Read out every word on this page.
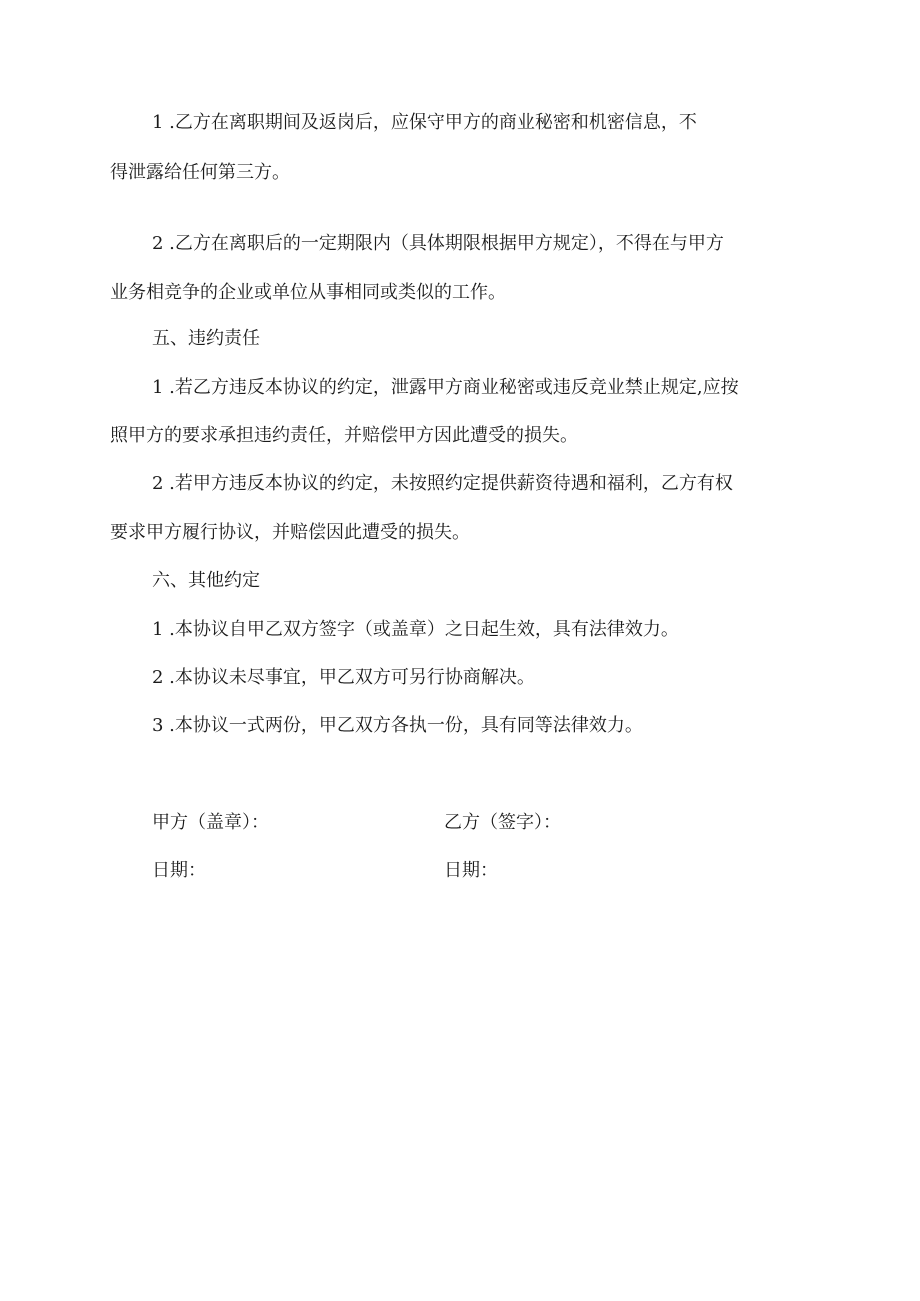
1 .乙方在离职期间及返岗后，应保守甲方的商业秘密和机密信息，不
得泄露给任何第三方。
2 .乙方在离职后的一定期限内（具体期限根据甲方规定），不得在与甲方
业务相竞争的企业或单位从事相同或类似的工作。
五、违约责任
1 .若乙方违反本协议的约定，泄露甲方商业秘密或违反竞业禁止规定,应按
照甲方的要求承担违约责任，并赔偿甲方因此遭受的损失。
2 .若甲方违反本协议的约定，未按照约定提供薪资待遇和福利，乙方有权
要求甲方履行协议，并赔偿因此遭受的损失。
六、其他约定
1 .本协议自甲乙双方签字（或盖章）之日起生效，具有法律效力。
2 .本协议未尽事宜，甲乙双方可另行协商解决。
3 .本协议一式两份，甲乙双方各执一份，具有同等法律效力。
甲方（盖章）：	乙方（签字）：
日期：	日期：
